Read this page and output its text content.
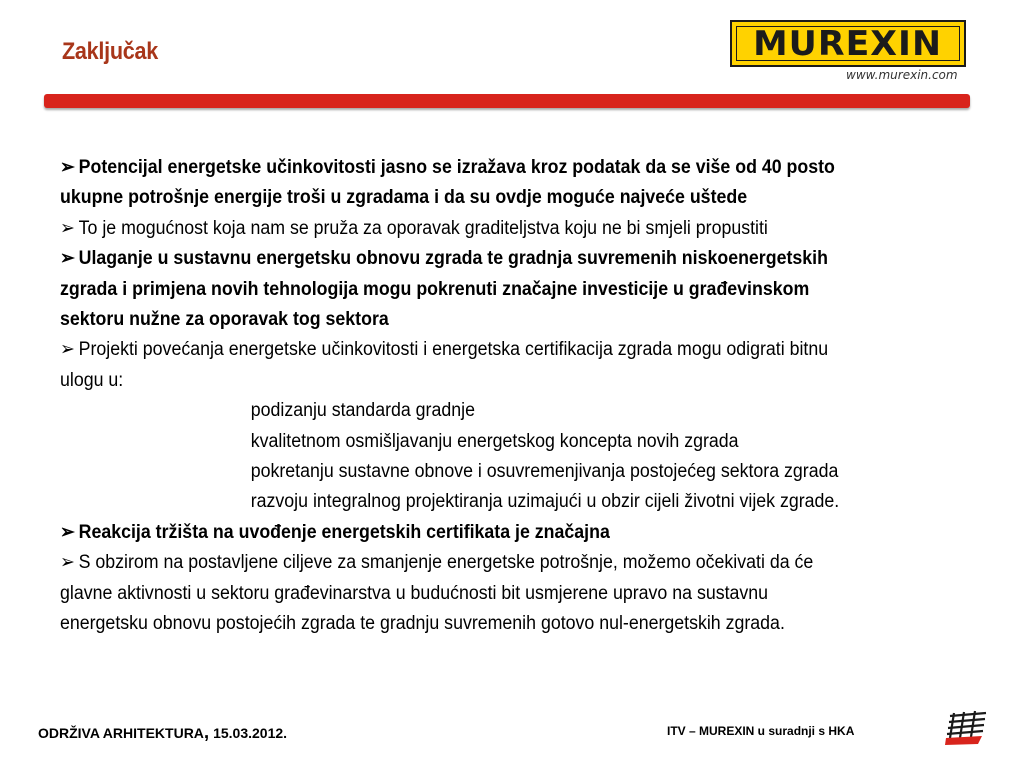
Zaključak	MUREXIN
www.murexin.com

➢ Potencijal energetske učinkovitosti jasno se izražava kroz podatak da se više od 40 posto

ukupne potrošnje energije troši u zgradama i da su ovdje moguće najveće uštede

➢ To je mogućnost koja nam se pruža za oporavak graditeljstva koju ne bi smjeli propustiti

➢ Ulaganje u sustavnu energetsku obnovu zgrada te gradnja suvremenih niskoenergetskih

zgrada i primjena novih tehnologija mogu pokrenuti značajne investicije u građevinskom

sektoru nužne za oporavak tog sektora

➢ Projekti povećanja energetske učinkovitosti i energetska certifikacija zgrada mogu odigrati bitnu

ulogu u:

podizanju standarda gradnje

kvalitetnom osmišljavanju energetskog koncepta novih zgrada

pokretanju sustavne obnove i osuvremenjivanja postojećeg sektora zgrada

razvoju integralnog projektiranja uzimajući u obzir cijeli životni vijek zgrade.

➢ Reakcija tržišta na uvođenje energetskih certifikata je značajna

➢ S obzirom na postavljene ciljeve za smanjenje energetske potrošnje, možemo očekivati da će

glavne aktivnosti u sektoru građevinarstva u budućnosti bit usmjerene upravo na sustavnu

energetsku obnovu postojećih zgrada te gradnju suvremenih gotovo nul-energetskih zgrada.

ODRŽIVA ARHITEKTURA, 15.03.2012.	ITV – MUREXIN u suradnji s HKA
